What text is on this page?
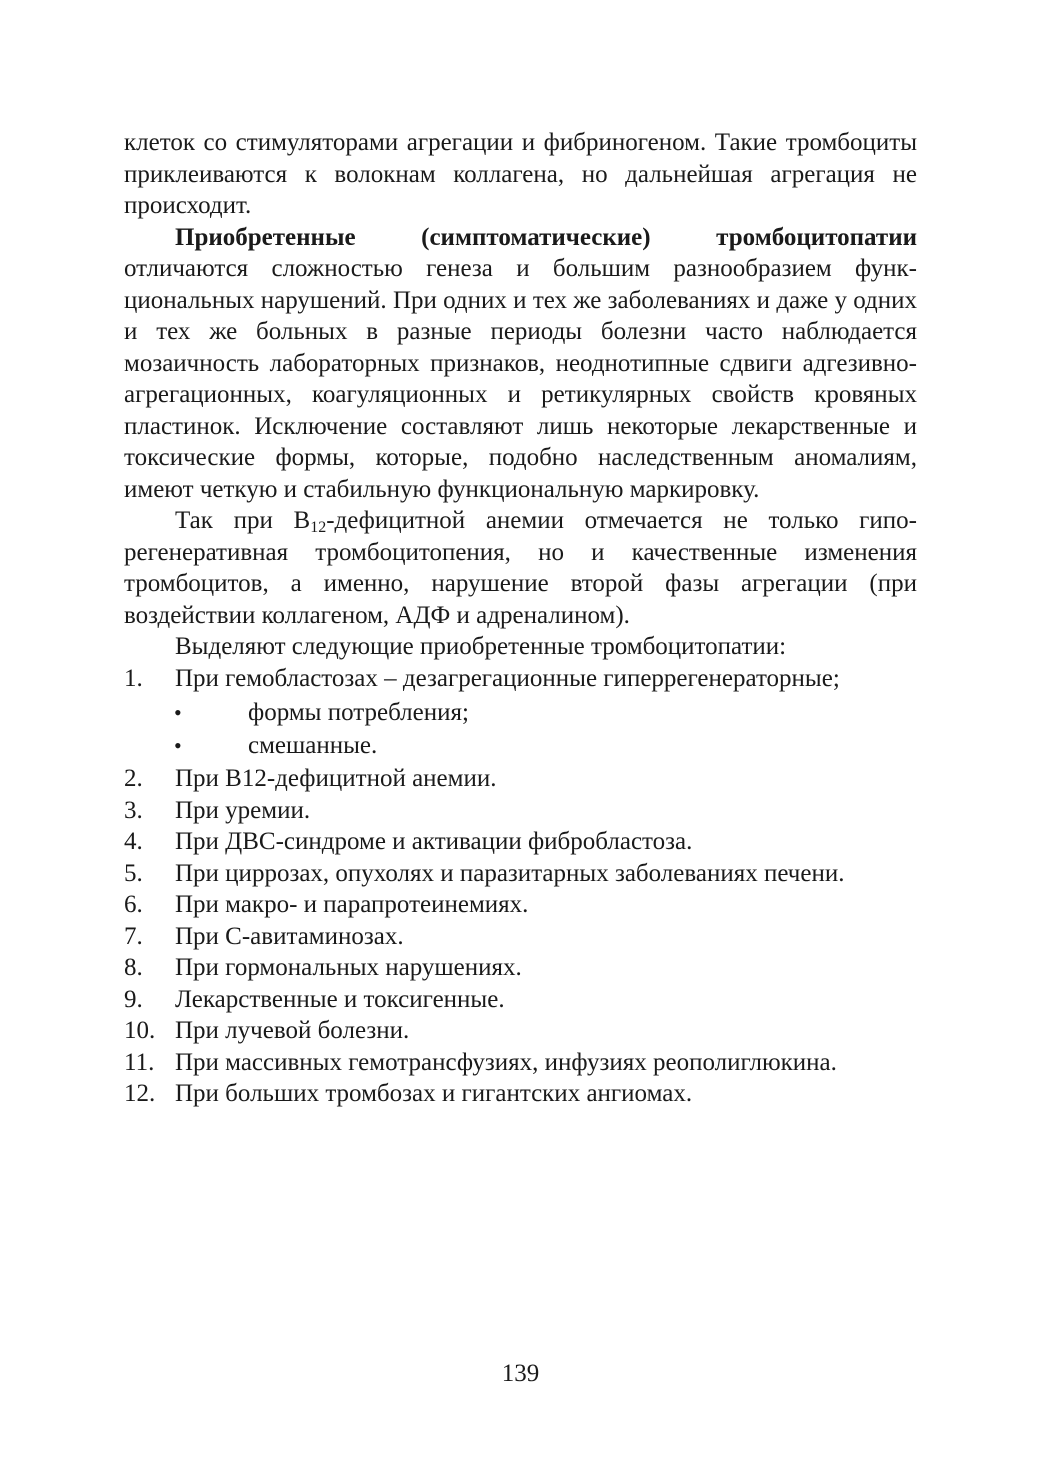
клеток со стимуляторами агрегации и фибриногеном. Такие тромбоциты приклеиваются к волокнам коллагена, но дальнейшая агрегация не происходит.

Приобретенные (симптоматические) тромбоцитопатии отличаются сложностью генеза и большим разнообразием функциональных нарушений. При одних и тех же заболеваниях и даже у одних и тех же больных в разные периоды болезни часто наблюдается мозаичность лабораторных признаков, неоднотипные сдвиги адгезивно-агрегационных, коагуляционных и ретикулярных свойств кровяных пластинок. Исключение составляют лишь некоторые лекарственные и токсические формы, которые, подобно наследственным аномалиям, имеют четкую и стабильную функциональную маркировку.

Так при $В_{12}$-дефицитной анемии отмечается не только гипорегенеративная тромбоцитопения, но и качественные изменения тромбоцитов, а именно, нарушение второй фазы агрегации (при воздействии коллагеном, АДФ и адреналином).

Выделяют следующие приобретенные тромбоцитопатии:

1. При гемобластозах – дезагрегационные гиперрегенераторные;
•	формы потребления;
•	смешанные.
2. При В12-дефицитной анемии.
3. При уремии.
4. При ДВС-синдроме и активации фибробластоза.
5. При циррозах, опухолях и паразитарных заболеваниях печени.
6. При макро- и парапротеинемиях.
7. При С-авитаминозах.
8. При гормональных нарушениях.
9. Лекарственные и токсигенные.
10. При лучевой болезни.
11. При массивных гемотрансфузиях, инфузиях реополиглюкина.
12. При больших тромбозах и гигантских ангиомах.
139
